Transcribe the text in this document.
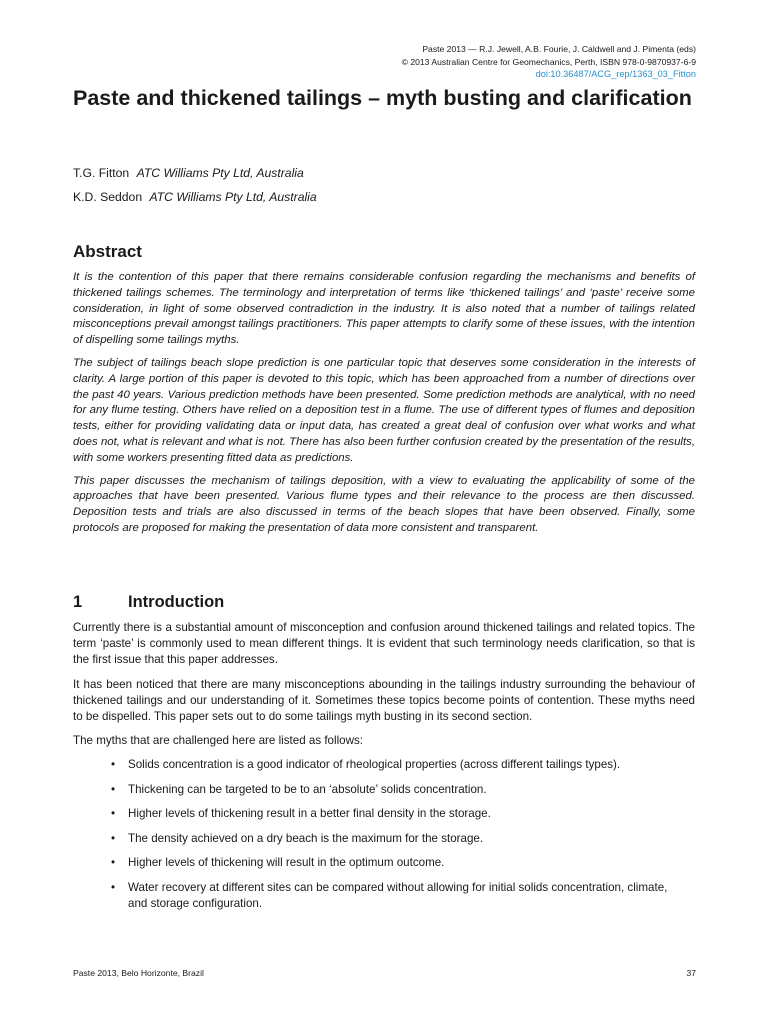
Paste 2013 — R.J. Jewell, A.B. Fourie, J. Caldwell and J. Pimenta (eds)
© 2013 Australian Centre for Geomechanics, Perth, ISBN 978-0-9870937-6-9
doi:10.36487/ACG_rep/1363_03_Fitton
Paste and thickened tailings – myth busting and clarification
T.G. Fitton ATC Williams Pty Ltd, Australia
K.D. Seddon ATC Williams Pty Ltd, Australia
Abstract

It is the contention of this paper that there remains considerable confusion regarding the mechanisms and benefits of thickened tailings schemes. The terminology and interpretation of terms like ‘thickened tailings’ and ‘paste’ receive some consideration, in light of some observed contradiction in the industry. It is also noted that a number of tailings related misconceptions prevail amongst tailings practitioners. This paper attempts to clarify some of these issues, with the intention of dispelling some tailings myths.

The subject of tailings beach slope prediction is one particular topic that deserves some consideration in the interests of clarity. A large portion of this paper is devoted to this topic, which has been approached from a number of directions over the past 40 years. Various prediction methods have been presented. Some prediction methods are analytical, with no need for any flume testing. Others have relied on a deposition test in a flume. The use of different types of flumes and deposition tests, either for providing validating data or input data, has created a great deal of confusion over what works and what does not, what is relevant and what is not. There has also been further confusion created by the presentation of the results, with some workers presenting fitted data as predictions.

This paper discusses the mechanism of tailings deposition, with a view to evaluating the applicability of some of the approaches that have been presented. Various flume types and their relevance to the process are then discussed. Deposition tests and trials are also discussed in terms of the beach slopes that have been observed. Finally, some protocols are proposed for making the presentation of data more consistent and transparent.

1	Introduction

Currently there is a substantial amount of misconception and confusion around thickened tailings and related topics. The term ‘paste’ is commonly used to mean different things. It is evident that such terminology needs clarification, so that is the first issue that this paper addresses.

It has been noticed that there are many misconceptions abounding in the tailings industry surrounding the behaviour of thickened tailings and our understanding of it. Sometimes these topics become points of contention. These myths need to be dispelled. This paper sets out to do some tailings myth busting in its second section.

The myths that are challenged here are listed as follows:

• Solids concentration is a good indicator of rheological properties (across different tailings types).
• Thickening can be targeted to be to an ‘absolute’ solids concentration.
• Higher levels of thickening result in a better final density in the storage.
• The density achieved on a dry beach is the maximum for the storage.
• Higher levels of thickening will result in the optimum outcome.
• Water recovery at different sites can be compared without allowing for initial solids concentration, climate, and storage configuration.
Paste 2013, Belo Horizonte, Brazil	37
